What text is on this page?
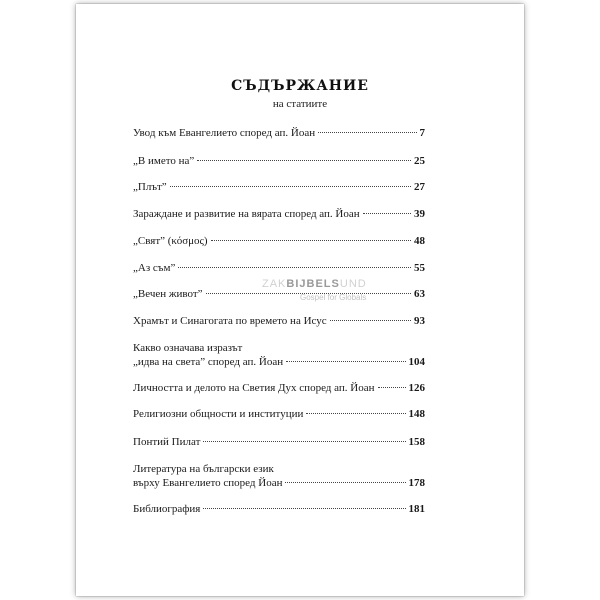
СЪДЪРЖАНИЕ
на статиите
Увод към Евангелието според ап. Йоан	7
„В името на”	25
„Плът”	27
Зараждане и развитие на вярата според ап. Йоан	39
„Свят” (κόσμος)	48
„Аз съм”	55
„Вечен живот”	63
Храмът и Синагогата по времето на Исус	93
Какво означава изразът
„идва на света” според ап. Йоан	104
Личността и делото на Светия Дух според ап. Йоан	126
Религиозни общности и институции	148
Понтий Пилат	158
Литература на български език
върху Евангелието според Йоан	178
Библиография	181
ZAKBIJBELSUND
Gospel for Globals
